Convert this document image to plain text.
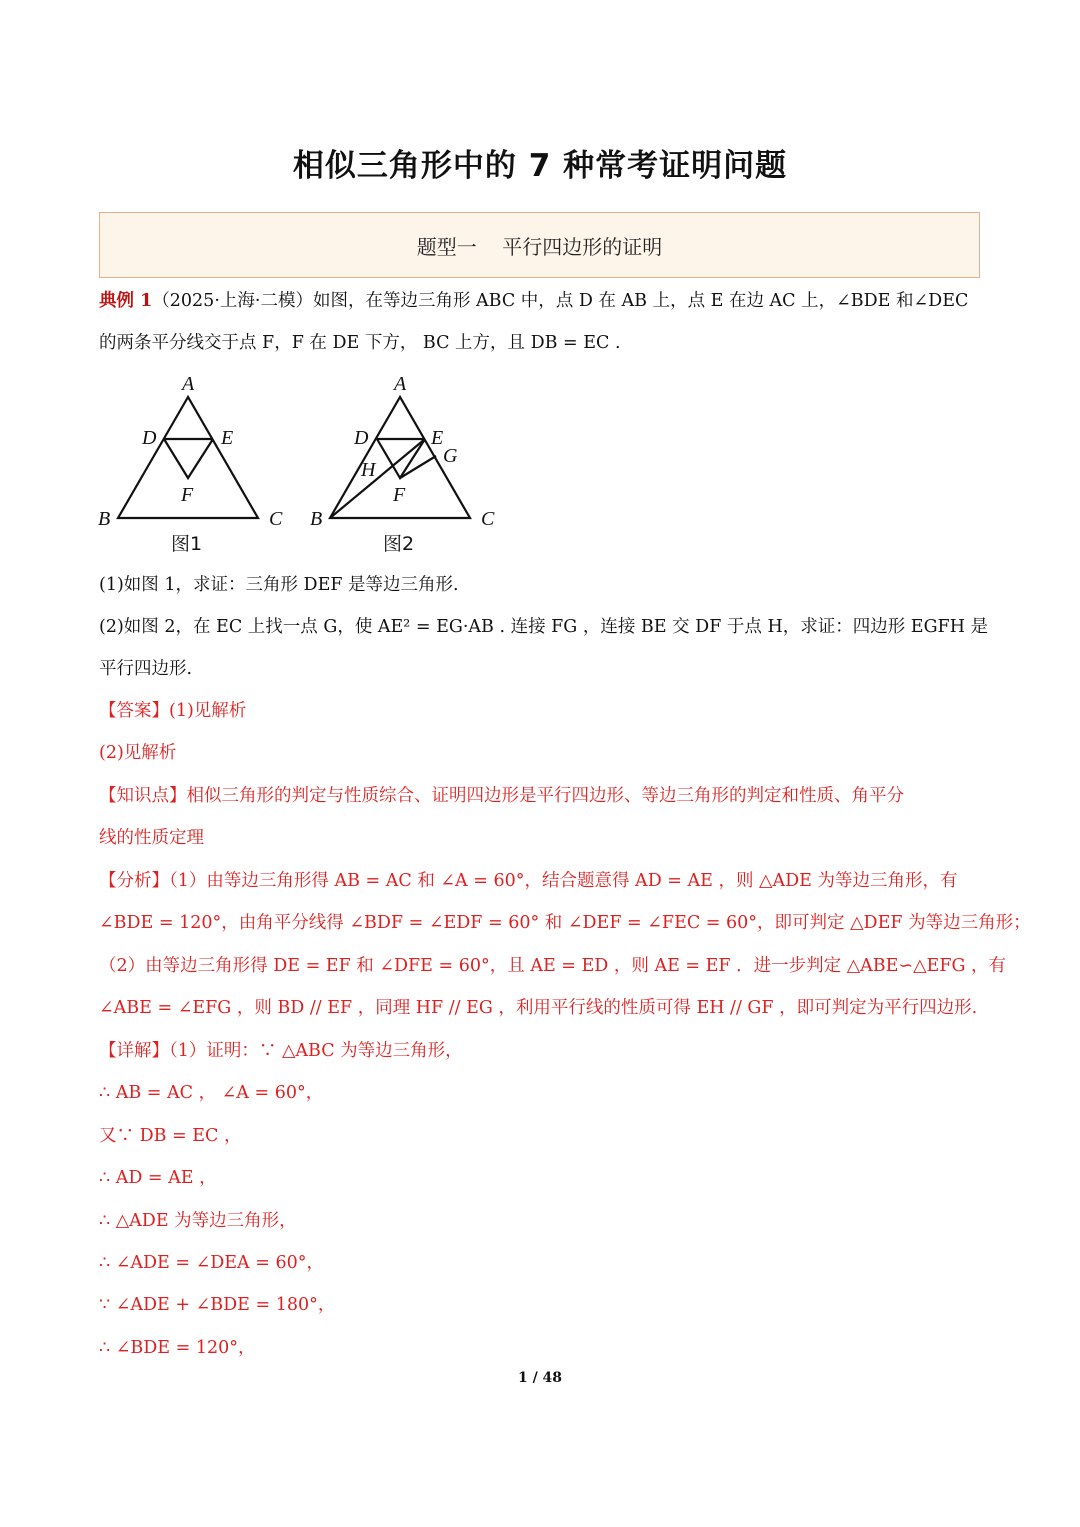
相似三角形中的 7 种常考证明问题
题型一
平行四边形的证明
典例 1（2025·上海·二模）如图，在等边三角形 ABC 中，点 D 在 AB 上，点 E 在边 AC 上，∠BDE 和∠DEC
的两条平分线交于点 F，F 在 DE 下方， BC 上方，且 DB = EC .
A
D	E
F
B	C
图1
A
D	E
G
H
F
B	C
图2
(1)如图 1，求证：三角形 DEF 是等边三角形.
(2)如图 2，在 EC 上找一点 G，使 AE² = EG·AB . 连接 FG ，连接 BE 交 DF 于点 H，求证：四边形 EGFH 是
平行四边形.
【答案】(1)见解析
(2)见解析
【知识点】相似三角形的判定与性质综合、证明四边形是平行四边形、等边三角形的判定和性质、角平分
线的性质定理
【分析】（1）由等边三角形得 AB = AC 和 ∠A = 60°，结合题意得 AD = AE ，则 △ADE 为等边三角形，有
∠BDE = 120°，由角平分线得 ∠BDF = ∠EDF = 60° 和 ∠DEF = ∠FEC = 60°，即可判定 △DEF 为等边三角形；
（2）由等边三角形得 DE = EF 和 ∠DFE = 60°，且 AE = ED ，则 AE = EF ．进一步判定 △ABE∽△EFG ，有
∠ABE = ∠EFG ，则 BD // EF ，同理 HF // EG ，利用平行线的性质可得 EH // GF ，即可判定为平行四边形.
【详解】（1）证明：∵ △ABC 为等边三角形，
∴ AB = AC ， ∠A = 60°，
又∵ DB = EC ，
∴ AD = AE ，
∴ △ADE 为等边三角形，
∴ ∠ADE = ∠DEA = 60°，
∵ ∠ADE + ∠BDE = 180°，
∴ ∠BDE = 120°，
1 / 48
